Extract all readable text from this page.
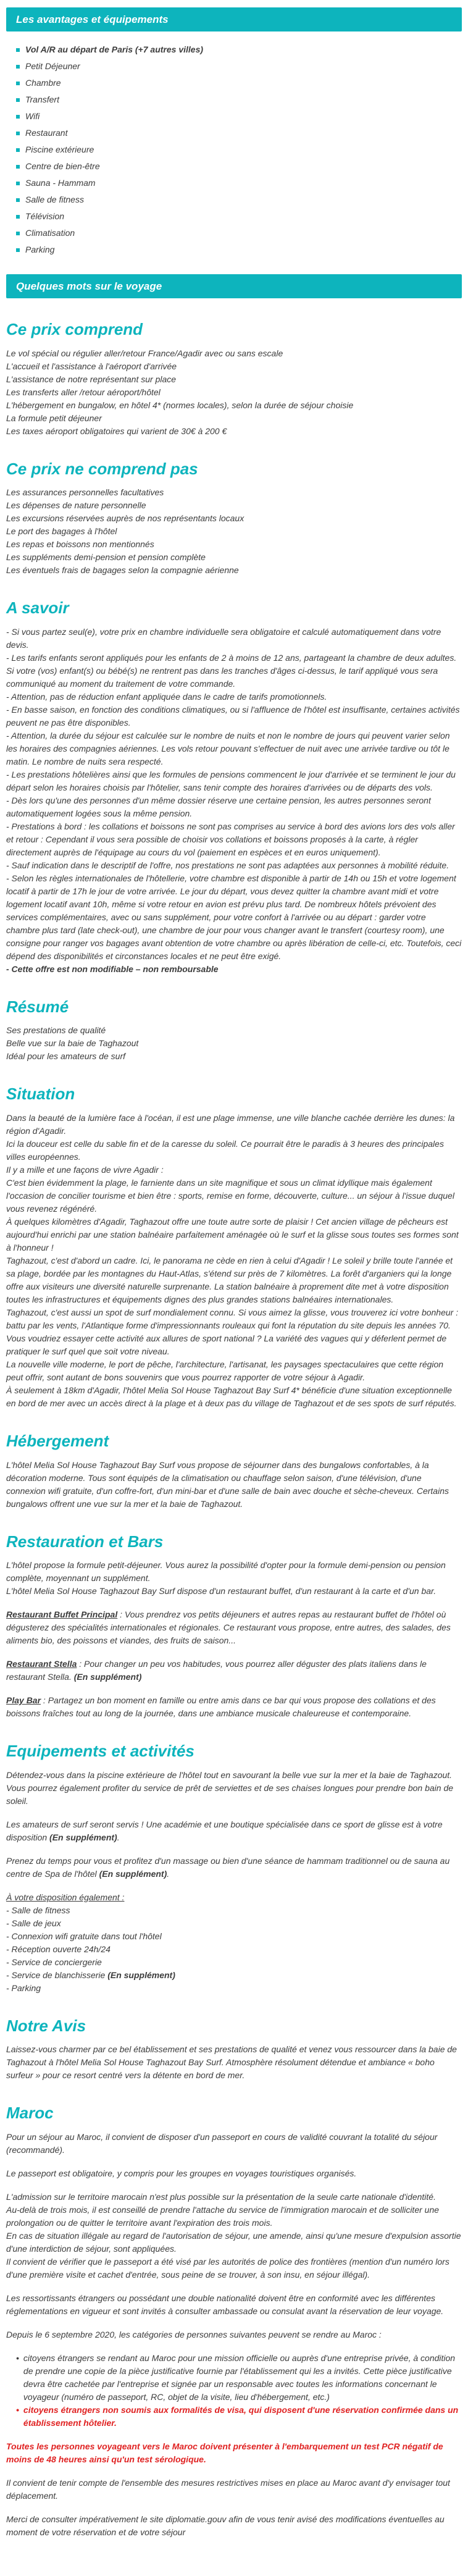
Les avantages et équipements
Vol A/R au départ de Paris (+7 autres villes)
Petit Déjeuner
Chambre
Transfert
Wifi
Restaurant
Piscine extérieure
Centre de bien-être
Sauna - Hammam
Salle de fitness
Télévision
Climatisation
Parking
Quelques mots sur le voyage
Ce prix comprend

Le vol spécial ou régulier aller/retour France/Agadir avec ou sans escale

L'accueil et l'assistance à l'aéroport d'arrivée

L'assistance de notre représentant sur place

Les transferts aller /retour aéroport/hôtel

L'hébergement en bungalow, en hôtel 4* (normes locales), selon la durée de séjour choisie

La formule petit déjeuner

Les taxes aéroport obligatoires qui varient de 30€ à 200 €

Ce prix ne comprend pas

Les assurances personnelles facultatives

Les dépenses de nature personnelle

Les excursions réservées auprès de nos représentants locaux

Le port des bagages à l'hôtel

Les repas et boissons non mentionnés

Les suppléments demi-pension et pension complète

Les éventuels frais de bagages selon la compagnie aérienne

A savoir

- Si vous partez seul(e), votre prix en chambre individuelle sera obligatoire et calculé automatiquement dans votre devis.

- Les tarifs enfants seront appliqués pour les enfants de 2 à moins de 12 ans, partageant la chambre de deux adultes. Si votre (vos) enfant(s) ou bébé(s) ne rentrent pas dans les tranches d'âges ci-dessus, le tarif appliqué vous sera communiqué au moment du traitement de votre commande.

- Attention, pas de réduction enfant appliquée dans le cadre de tarifs promotionnels.

- En basse saison, en fonction des conditions climatiques, ou si l'affluence de l'hôtel est insuffisante, certaines activités peuvent ne pas être disponibles.

- Attention, la durée du séjour est calculée sur le nombre de nuits et non le nombre de jours qui peuvent varier selon les horaires des compagnies aériennes. Les vols retour pouvant s'effectuer de nuit avec une arrivée tardive ou tôt le matin. Le nombre de nuits sera respecté.

- Les prestations hôtelières ainsi que les formules de pensions commencent le jour d'arrivée et se terminent le jour du départ selon les horaires choisis par l'hôtelier, sans tenir compte des horaires d'arrivées ou de départs des vols.

- Dès lors qu'une des personnes d'un même dossier réserve une certaine pension, les autres personnes seront automatiquement logées sous la même pension.

- Prestations à bord : les collations et boissons ne sont pas comprises au service à bord des avions lors des vols aller et retour : Cependant il vous sera possible de choisir vos collations et boissons proposés à la carte, à régler directement auprès de l'équipage au cours du vol (paiement en espèces et en euros uniquement).

- Sauf indication dans le descriptif de l'offre, nos prestations ne sont pas adaptées aux personnes à mobilité réduite.

- Selon les règles internationales de l'hôtellerie, votre chambre est disponible à partir de 14h ou 15h et votre logement locatif à partir de 17h le jour de votre arrivée. Le jour du départ, vous devez quitter la chambre avant midi et votre logement locatif avant 10h, même si votre retour en avion est prévu plus tard. De nombreux hôtels prévoient des services complémentaires, avec ou sans supplément, pour votre confort à l'arrivée ou au départ : garder votre chambre plus tard (late check-out), une chambre de jour pour vous changer avant le transfert (courtesy room), une consigne pour ranger vos bagages avant obtention de votre chambre ou après libération de celle-ci, etc. Toutefois, ceci dépend des disponibilités et circonstances locales et ne peut être exigé.

- Cette offre est non modifiable – non remboursable

Résumé

Ses prestations de qualité

Belle vue sur la baie de Taghazout

Idéal pour les amateurs de surf

Situation

Dans la beauté de la lumière face à l'océan, il est une plage immense, une ville blanche cachée derrière les dunes: la région d'Agadir.

Ici la douceur est celle du sable fin et de la caresse du soleil. Ce pourrait être le paradis à 3 heures des principales villes européennes.

Il y a mille et une façons de vivre Agadir :

C'est bien évidemment la plage, le farniente dans un site magnifique et sous un climat idyllique mais également l'occasion de concilier tourisme et bien être : sports, remise en forme, découverte, culture... un séjour à l'issue duquel vous revenez régénéré.

À quelques kilomètres d'Agadir, Taghazout offre une toute autre sorte de plaisir ! Cet ancien village de pêcheurs est aujourd'hui enrichi par une station balnéaire parfaitement aménagée où le surf et la glisse sous toutes ses formes sont à l'honneur !

Taghazout, c'est d'abord un cadre. Ici, le panorama ne cède en rien à celui d'Agadir ! Le soleil y brille toute l'année et sa plage, bordée par les montagnes du Haut-Atlas, s'étend sur près de 7 kilomètres. La forêt d'arganiers qui la longe offre aux visiteurs une diversité naturelle surprenante. La station balnéaire à proprement dite met à votre disposition toutes les infrastructures et équipements dignes des plus grandes stations balnéaires internationales.

Taghazout, c'est aussi un spot de surf mondialement connu. Si vous aimez la glisse, vous trouverez ici votre bonheur : battu par les vents, l'Atlantique forme d'impressionnants rouleaux qui font la réputation du site depuis les années 70. Vous voudriez essayer cette activité aux allures de sport national ? La variété des vagues qui y déferlent permet de pratiquer le surf quel que soit votre niveau.

La nouvelle ville moderne, le port de pêche, l'architecture, l'artisanat, les paysages spectaculaires que cette région peut offrir, sont autant de bons souvenirs que vous pourrez rapporter de votre séjour à Agadir.

À seulement à 18km d'Agadir, l'hôtel Melia Sol House Taghazout Bay Surf 4* bénéficie d'une situation exceptionnelle en bord de mer avec un accès direct à la plage et à deux pas du village de Taghazout et de ses spots de surf réputés.

Hébergement

L'hôtel Melia Sol House Taghazout Bay Surf vous propose de séjourner dans des bungalows confortables, à la décoration moderne. Tous sont équipés de la climatisation ou chauffage selon saison, d'une télévision, d'une connexion wifi gratuite, d'un coffre-fort, d'un mini-bar et d'une salle de bain avec douche et sèche-cheveux. Certains bungalows offrent une vue sur la mer et la baie de Taghazout.

Restauration et Bars

L'hôtel propose la formule petit-déjeuner. Vous aurez la possibilité d'opter pour la formule demi-pension ou pension complète, moyennant un supplément.

L'hôtel Melia Sol House Taghazout Bay Surf dispose d'un restaurant buffet, d'un restaurant à la carte et d'un bar.

Restaurant Buffet Principal : Vous prendrez vos petits déjeuners et autres repas au restaurant buffet de l'hôtel où dégusterez des spécialités internationales et régionales. Ce restaurant vous propose, entre autres, des salades, des aliments bio, des poissons et viandes, des fruits de saison...

Restaurant Stella : Pour changer un peu vos habitudes, vous pourrez aller déguster des plats italiens dans le restaurant Stella. (En supplément)

Play Bar : Partagez un bon moment en famille ou entre amis dans ce bar qui vous propose des collations et des boissons fraîches tout au long de la journée, dans une ambiance musicale chaleureuse et contemporaine.

Equipements et activités

Détendez-vous dans la piscine extérieure de l'hôtel tout en savourant la belle vue sur la mer et la baie de Taghazout. Vous pourrez également profiter du service de prêt de serviettes et de ses chaises longues pour prendre bon bain de soleil.

Les amateurs de surf seront servis ! Une académie et une boutique spécialisée dans ce sport de glisse est à votre disposition (En supplément).

Prenez du temps pour vous et profitez d'un massage ou bien d'une séance de hammam traditionnel ou de sauna au centre de Spa de l'hôtel (En supplément).

À votre disposition également :

- Salle de fitness

- Salle de jeux

- Connexion wifi gratuite dans tout l'hôtel

- Réception ouverte 24h/24

- Service de conciergerie

- Service de blanchisserie (En supplément)

- Parking

Notre Avis

Laissez-vous charmer par ce bel établissement et ses prestations de qualité et venez vous ressourcer dans la baie de Taghazout à l'hôtel Melia Sol House Taghazout Bay Surf. Atmosphère résolument détendue et ambiance « boho surfeur » pour ce resort centré vers la détente en bord de mer.

Maroc

Pour un séjour au Maroc, il convient de disposer d'un passeport en cours de validité couvrant la totalité du séjour (recommandé).

Le passeport est obligatoire, y compris pour les groupes en voyages touristiques organisés.

L'admission sur le territoire marocain n'est plus possible sur la présentation de la seule carte nationale d'identité.

Au-delà de trois mois, il est conseillé de prendre l'attache du service de l'immigration marocain et de solliciter une prolongation ou de quitter le territoire avant l'expiration des trois mois.

En cas de situation illégale au regard de l'autorisation de séjour, une amende, ainsi qu'une mesure d'expulsion assortie d'une interdiction de séjour, sont appliquées.

Il convient de vérifier que le passeport a été visé par les autorités de police des frontières (mention d'un numéro lors d'une première visite et cachet d'entrée, sous peine de se trouver, à son insu, en séjour illégal).

Les ressortissants étrangers ou possédant une double nationalité doivent être en conformité avec les différentes réglementations en vigueur et sont invités à consulter ambassade ou consulat avant la réservation de leur voyage.

Depuis le 6 septembre 2020, les catégories de personnes suivantes peuvent se rendre au Maroc :

• citoyens étrangers se rendant au Maroc pour une mission officielle ou auprès d'une entreprise privée, à condition de prendre une copie de la pièce justificative fournie par l'établissement qui les a invités. Cette pièce justificative devra être cachetée par l'entreprise et signée par un responsable avec toutes les informations concernant le voyageur (numéro de passeport, RC, objet de la visite, lieu d'hébergement, etc.)

• citoyens étrangers non soumis aux formalités de visa, qui disposent d'une réservation confirmée dans un établissement hôtelier.

Toutes les personnes voyageant vers le Maroc doivent présenter à l'embarquement un test PCR négatif de moins de 48 heures ainsi qu'un test sérologique.

Il convient de tenir compte de l'ensemble des mesures restrictives mises en place au Maroc avant d'y envisager tout déplacement.

Merci de consulter impérativement le site diplomatie.gouv afin de vous tenir avisé des modifications éventuelles au moment de votre réservation et de votre séjour
